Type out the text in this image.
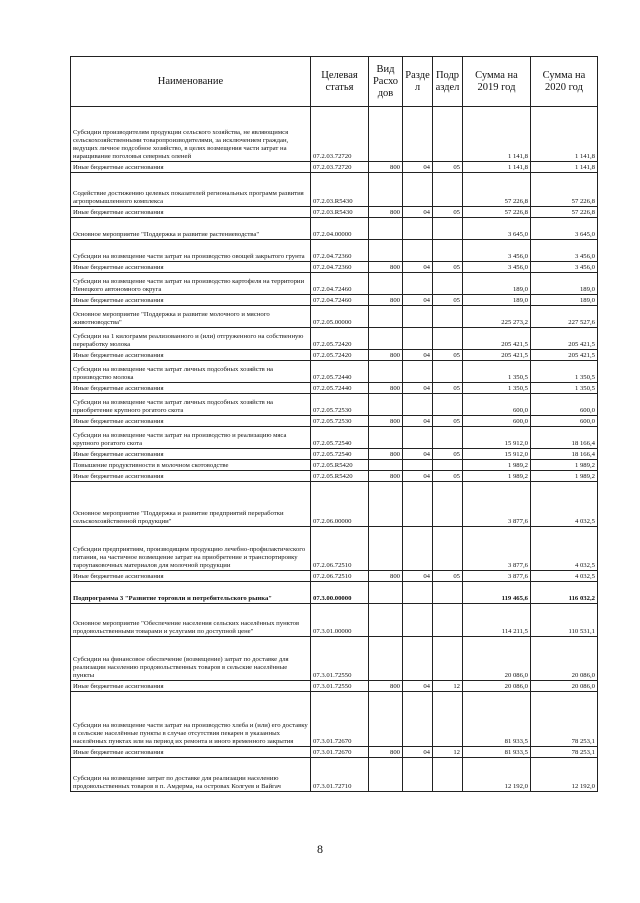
Наименование	Целевая статья	Вид Расхо дов	Разде л	Подр аздел	Сумма на 2019 год	Сумма на 2020 год
Субсидии производителям продукции сельского хозяйства, не являющимся сельскохозяйственными товаропроизводителями, за исключением граждан, ведущих личное подсобное хозяйство, в целях возмещения части затрат на наращивание поголовья северных оленей	07.2.03.72720				1 141,8	1 141,8
Иные бюджетные ассигнования	07.2.03.72720	800	04	05	1 141,8	1 141,8
Содействие достижению целевых показателей региональных программ развития агропромышленного комплекса	07.2.03.R5430				57 226,8	57 226,8
Иные бюджетные ассигнования	07.2.03.R5430	800	04	05	57 226,8	57 226,8
Основное мероприятие "Поддержка и развитие растениеводства"	07.2.04.00000				3 645,0	3 645,0
Субсидии на возмещение части затрат на производство овощей закрытого грунта	07.2.04.72360				3 456,0	3 456,0
Иные бюджетные ассигнования	07.2.04.72360	800	04	05	3 456,0	3 456,0
Субсидии на возмещение части затрат на производство картофеля на территории Ненецкого автономного округа	07.2.04.72460				189,0	189,0
Иные бюджетные ассигнования	07.2.04.72460	800	04	05	189,0	189,0
Основное мероприятие "Поддержка и развитие молочного и мясного животноводства"	07.2.05.00000				225 273,2	227 527,6
Субсидии на 1 килограмм реализованного и (или) отгруженного на собственную переработку молока	07.2.05.72420				205 421,5	205 421,5
Иные бюджетные ассигнования	07.2.05.72420	800	04	05	205 421,5	205 421,5
Субсидии на возмещение части затрат личных подсобных хозяйств на производство молока	07.2.05.72440				1 350,5	1 350,5
Иные бюджетные ассигнования	07.2.05.72440	800	04	05	1 350,5	1 350,5
Субсидии на возмещение части затрат личных подсобных хозяйств на приобретение крупного рогатого скота	07.2.05.72530				600,0	600,0
Иные бюджетные ассигнования	07.2.05.72530	800	04	05	600,0	600,0
Субсидии на возмещение части затрат на производство и реализацию мяса крупного рогатого скота	07.2.05.72540				15 912,0	18 166,4
Иные бюджетные ассигнования	07.2.05.72540	800	04	05	15 912,0	18 166,4
Повышение продуктивности в молочном скотоводстве	07.2.05.R5420				1 989,2	1 989,2
Иные бюджетные ассигнования	07.2.05.R5420	800	04	05	1 989,2	1 989,2
Основное мероприятие "Поддержка и развитие предприятий переработки сельскохозяйственной продукции"	07.2.06.00000				3 877,6	4 032,5
Субсидии предприятиям, производящим продукцию лечебно-профилактического питания, на частичное возмещение затрат на приобретение и транспортировку тароупаковочных материалов для молочной продукции	07.2.06.72510				3 877,6	4 032,5
Иные бюджетные ассигнования	07.2.06.72510	800	04	05	3 877,6	4 032,5
Подпрограмма 3 "Развитие торговли и потребительского рынка"	07.3.00.00000				119 465,6	116 032,2
Основное мероприятие "Обеспечение населения сельских населённых пунктов продовольственными товарами и услугами по доступной цене"	07.3.01.00000				114 211,5	110 531,1
Субсидии на финансовое обеспечение (возмещение) затрат по доставке для реализации населению продовольственных товаров в сельские населённые пункты	07.3.01.72550				20 086,0	20 086,0
Иные бюджетные ассигнования	07.3.01.72550	800	04	12	20 086,0	20 086,0
Субсидии на возмещение части затрат на производство хлеба и (или) его доставку в сельские населённые пункты в случае отсутствия пекарен в указанных населённых пунктах или на период их ремонта и иного временного закрытия	07.3.01.72670				81 933,5	78 253,1
Иные бюджетные ассигнования	07.3.01.72670	800	04	12	81 933,5	78 253,1
Субсидии на возмещение затрат по доставке для реализации населению продовольственных товаров в п. Амдерма, на островах Колгуев и Вайгач	07.3.01.72710				12 192,0	12 192,0
8
